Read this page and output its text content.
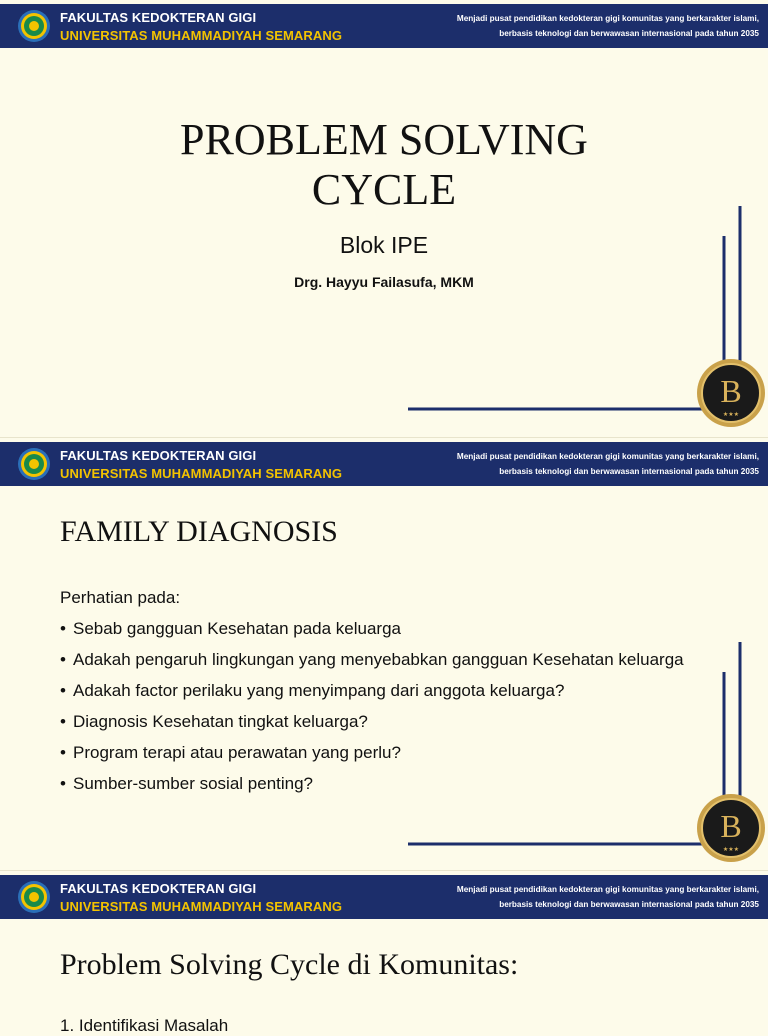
FAKULTAS KEDOKTERAN GIGI
UNIVERSITAS MUHAMMADIYAH SEMARANG
Menjadi pusat pendidikan kedokteran gigi komunitas yang berkarakter islami,
berbasis teknologi dan berwawasan internasional pada tahun 2035
B
★★★
PROBLEM SOLVING
CYCLE
Blok IPE
Drg. Hayyu Failasufa, MKM
FAKULTAS KEDOKTERAN GIGI
UNIVERSITAS MUHAMMADIYAH SEMARANG
Menjadi pusat pendidikan kedokteran gigi komunitas yang berkarakter islami,
berbasis teknologi dan berwawasan internasional pada tahun 2035
B
★★★
FAMILY DIAGNOSIS
Perhatian pada:
• Sebab gangguan Kesehatan pada keluarga
• Adakah pengaruh lingkungan yang menyebabkan gangguan Kesehatan keluarga
• Adakah factor perilaku yang menyimpang dari anggota keluarga?
• Diagnosis Kesehatan tingkat keluarga?
• Program terapi atau perawatan yang perlu?
• Sumber-sumber sosial penting?
FAKULTAS KEDOKTERAN GIGI
UNIVERSITAS MUHAMMADIYAH SEMARANG
Menjadi pusat pendidikan kedokteran gigi komunitas yang berkarakter islami,
berbasis teknologi dan berwawasan internasional pada tahun 2035
Problem Solving Cycle di Komunitas:
1. Identifikasi Masalah
